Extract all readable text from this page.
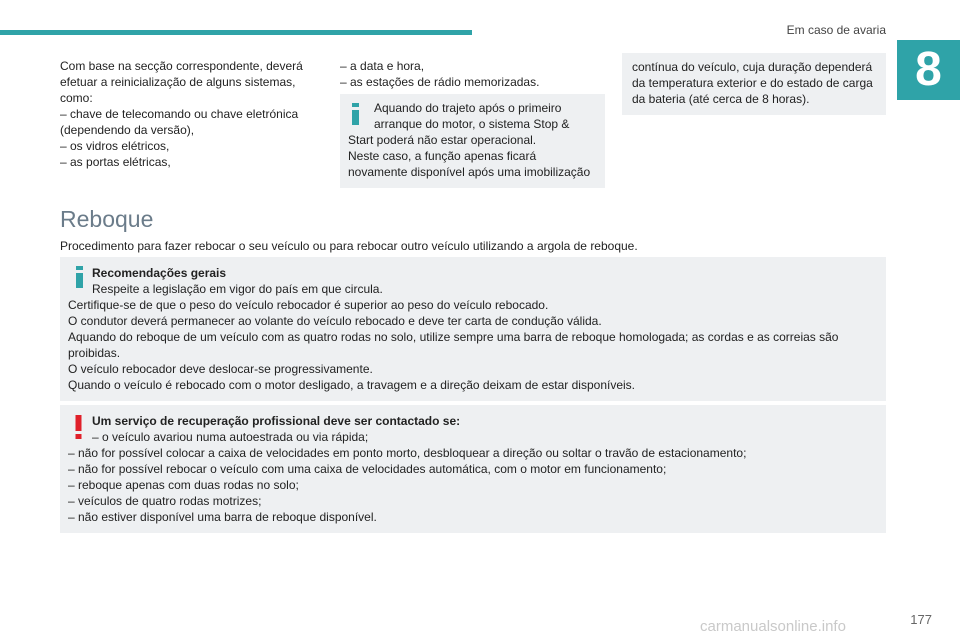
Em caso de avaria
8

Com base na secção correspondente, deverá

efetuar a reinicialização de alguns sistemas,

como:

– chave de telecomando ou chave eletrónica

(dependendo da versão),

– os vidros elétricos,

– as portas elétricas,

– a data e hora,

– as estações de rádio memorizadas.

Aquando do trajeto após o primeiro

arranque do motor, o sistema Stop &

Start poderá não estar operacional.

Neste caso, a função apenas ficará

novamente disponível após uma imobilização

contínua do veículo, cuja duração dependerá

da temperatura exterior e do estado de carga

da bateria (até cerca de 8 horas).

Reboque
Procedimento para fazer rebocar o seu veículo ou para rebocar outro veículo utilizando a argola de reboque.

Recomendações gerais

Respeite a legislação em vigor do país em que circula.

Certifique-se de que o peso do veículo rebocador é superior ao peso do veículo rebocado.

O condutor deverá permanecer ao volante do veículo rebocado e deve ter carta de condução válida.

Aquando do reboque de um veículo com as quatro rodas no solo, utilize sempre uma barra de reboque homologada; as cordas e as correias são

proibidas.

O veículo rebocador deve deslocar-se progressivamente.

Quando o veículo é rebocado com o motor desligado, a travagem e a direção deixam de estar disponíveis.

Um serviço de recuperação profissional deve ser contactado se:

– o veículo avariou numa autoestrada ou via rápida;

– não for possível colocar a caixa de velocidades em ponto morto, desbloquear a direção ou soltar o travão de estacionamento;

– não for possível rebocar o veículo com uma caixa de velocidades automática, com o motor em funcionamento;

– reboque apenas com duas rodas no solo;

– veículos de quatro rodas motrizes;

– não estiver disponível uma barra de reboque disponível.

carmanualsonline.info	177
